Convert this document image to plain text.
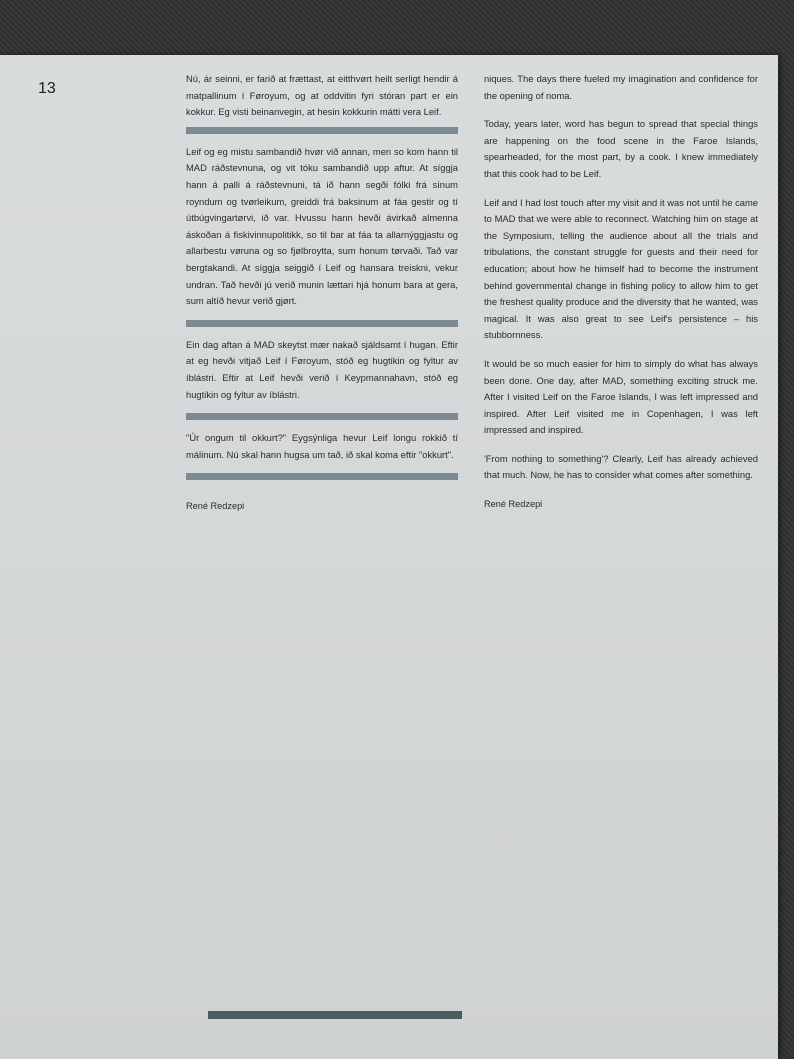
13

Nú, ár seinni, er farið at frættast, at eitthvørt heilt serligt hendir á matpallinum í Føroyum, og at oddvitin fyri stóran part er ein kokkur. Eg visti beinanvegin, at hesin kokkurin mátti vera Leif.

Leif og eg mistu sambandið hvør við annan, men so kom hann til MAD ráðstevnuna, og vit tóku sambandið upp aftur. At síggja hann á palli á ráðstevnuni, tá ið hann segði fólki frá sínum royndum og tvørleikum, greiddi frá baksinum at fáa gestir og tí útbúgvingartørvi, ið var. Hvussu hann hevði ávirkað almenna áskoðan á fiskivinnupolitikk, so til bar at fáa ta allarnýggjastu og allarbestu vøruna og so fjølbroytta, sum honum tørvaði. Tað var bergtakandi. At síggja seiggið í Leif og hansara treiskni, vekur undran. Tað hevði jú verið munin lættari hjá honum bara at gera, sum altíð hevur verið gjørt.

Ein dag aftan á MAD skeytst mær nakað sjáldsamt í hugan. Eftir at eg hevði vitjað Leif í Føroyum, stóð eg hugtikin og fyltur av íblástri. Eftir at Leif hevði verið í Keypmannahavn, stóð eg hugtikin og fyltur av íblástri.

"Úr ongum til okkurt?" Eygsýnliga hevur Leif longu rokkið tí málinum. Nú skal hann hugsa um tað, ið skal koma eftir "okkurt".

René Redzepi

niques. The days there fueled my imagination and confidence for the opening of noma.

Today, years later, word has begun to spread that special things are happening on the food scene in the Faroe Islands, spearheaded, for the most part, by a cook. I knew immediately that this cook had to be Leif.

Leif and I had lost touch after my visit and it was not until he came to MAD that we were able to reconnect. Watching him on stage at the Symposium, telling the audience about all the trials and tribulations, the constant struggle for guests and their need for education; about how he himself had to become the instrument behind governmental change in fishing policy to allow him to get the freshest quality produce and the diversity that he wanted, was magical. It was also great to see Leif's persistence – his stubbornness.

It would be so much easier for him to simply do what has always been done. One day, after MAD, something exciting struck me. After I visited Leif on the Faroe Islands, I was left impressed and inspired. After Leif visited me in Copenhagen, I was left impressed and inspired.

'From nothing to something'? Clearly, Leif has already achieved that much. Now, he has to consider what comes after something.

René Redzepi
